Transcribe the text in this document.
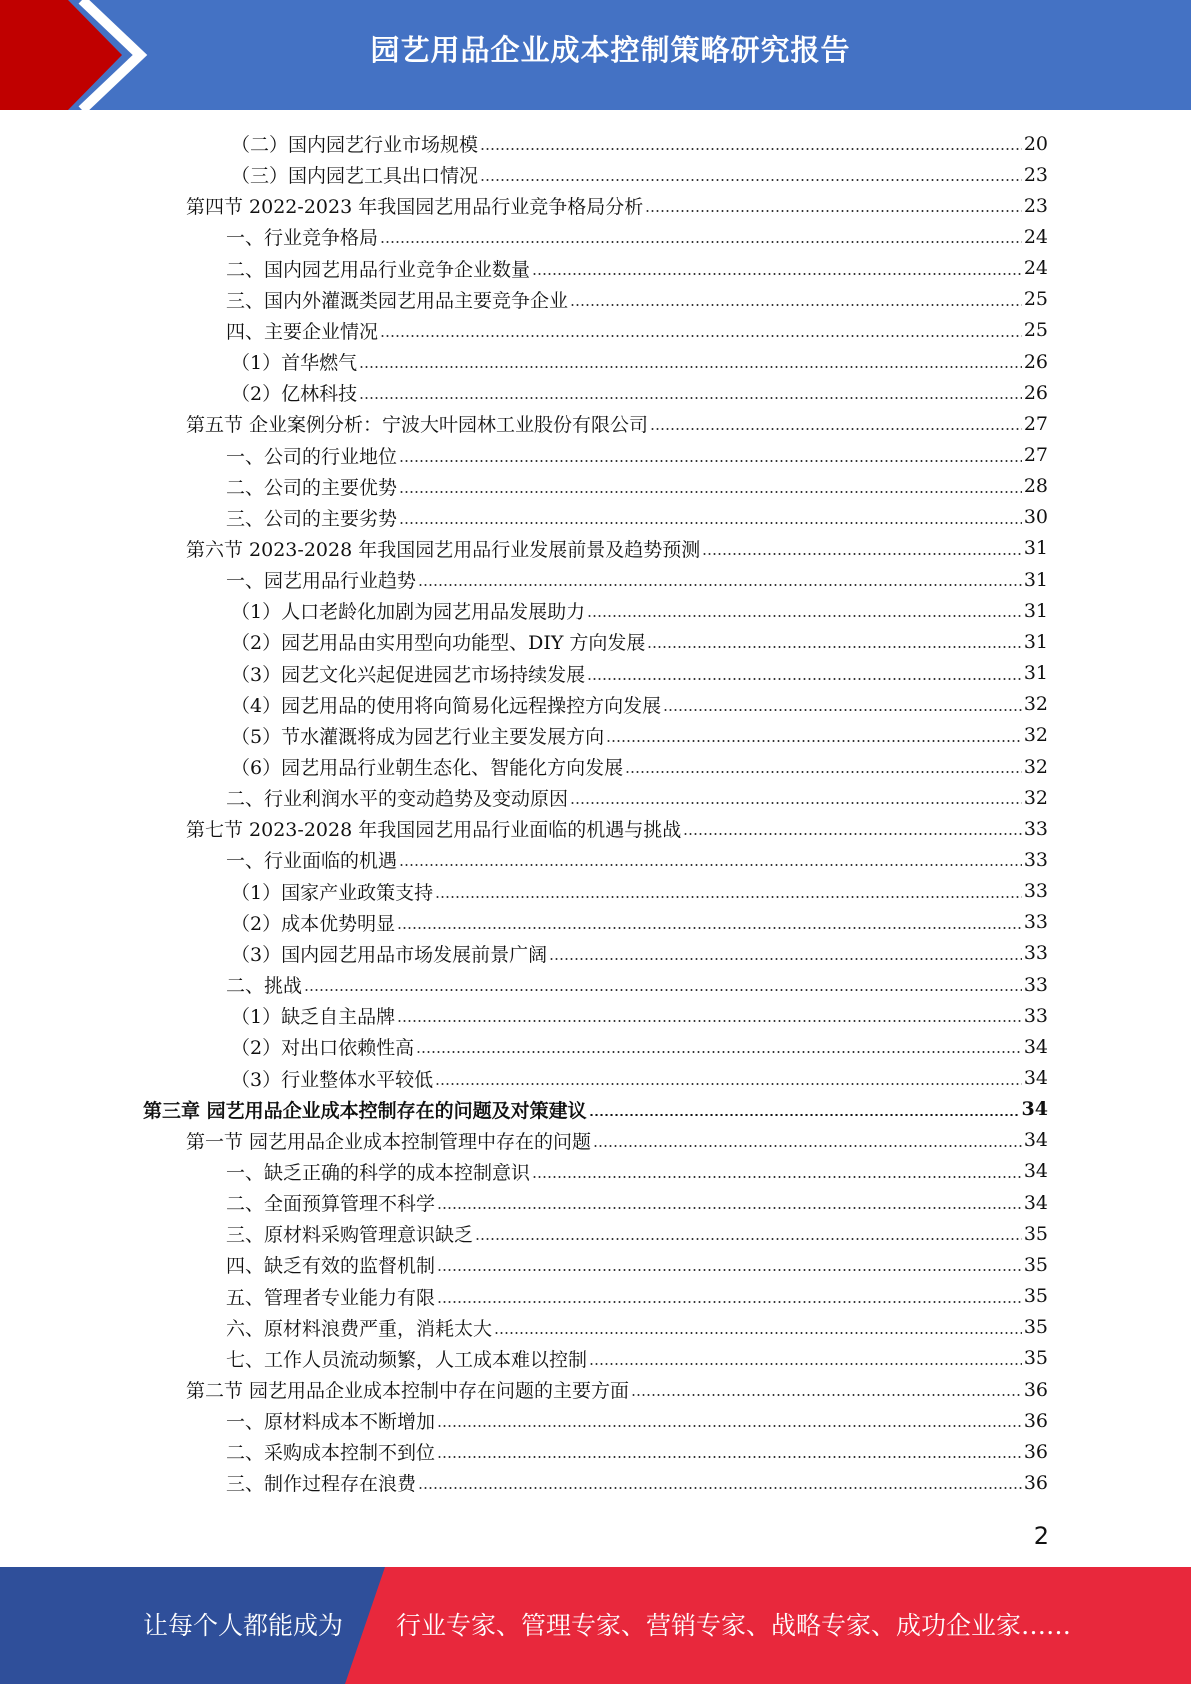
园艺用品企业成本控制策略研究报告
（二）国内园艺行业市场规模	20
（三）国内园艺工具出口情况	23
第四节 2022-2023 年我国园艺用品行业竞争格局分析	23
一、行业竞争格局	24
二、国内园艺用品行业竞争企业数量	24
三、国内外灌溉类园艺用品主要竞争企业	25
四、主要企业情况	25
（1）首华燃气	26
（2）亿林科技	26
第五节 企业案例分析：宁波大叶园林工业股份有限公司	27
一、公司的行业地位	27
二、公司的主要优势	28
三、公司的主要劣势	30
第六节 2023-2028 年我国园艺用品行业发展前景及趋势预测	31
一、园艺用品行业趋势	31
（1）人口老龄化加剧为园艺用品发展助力	31
（2）园艺用品由实用型向功能型、DIY 方向发展	31
（3）园艺文化兴起促进园艺市场持续发展	31
（4）园艺用品的使用将向简易化远程操控方向发展	32
（5）节水灌溉将成为园艺行业主要发展方向	32
（6）园艺用品行业朝生态化、智能化方向发展	32
二、行业利润水平的变动趋势及变动原因	32
第七节 2023-2028 年我国园艺用品行业面临的机遇与挑战	33
一、行业面临的机遇	33
（1）国家产业政策支持	33
（2）成本优势明显	33
（3）国内园艺用品市场发展前景广阔	33
二、挑战	33
（1）缺乏自主品牌	33
（2）对出口依赖性高	34
（3）行业整体水平较低	34
第三章 园艺用品企业成本控制存在的问题及对策建议	34
第一节 园艺用品企业成本控制管理中存在的问题	34
一、缺乏正确的科学的成本控制意识	34
二、全面预算管理不科学	34
三、原材料采购管理意识缺乏	35
四、缺乏有效的监督机制	35
五、管理者专业能力有限	35
六、原材料浪费严重，消耗太大	35
七、工作人员流动频繁，人工成本难以控制	35
第二节 园艺用品企业成本控制中存在问题的主要方面	36
一、原材料成本不断增加	36
二、采购成本控制不到位	36
三、制作过程存在浪费	36
2
让每个人都能成为 行业专家、管理专家、营销专家、战略专家、成功企业家……
